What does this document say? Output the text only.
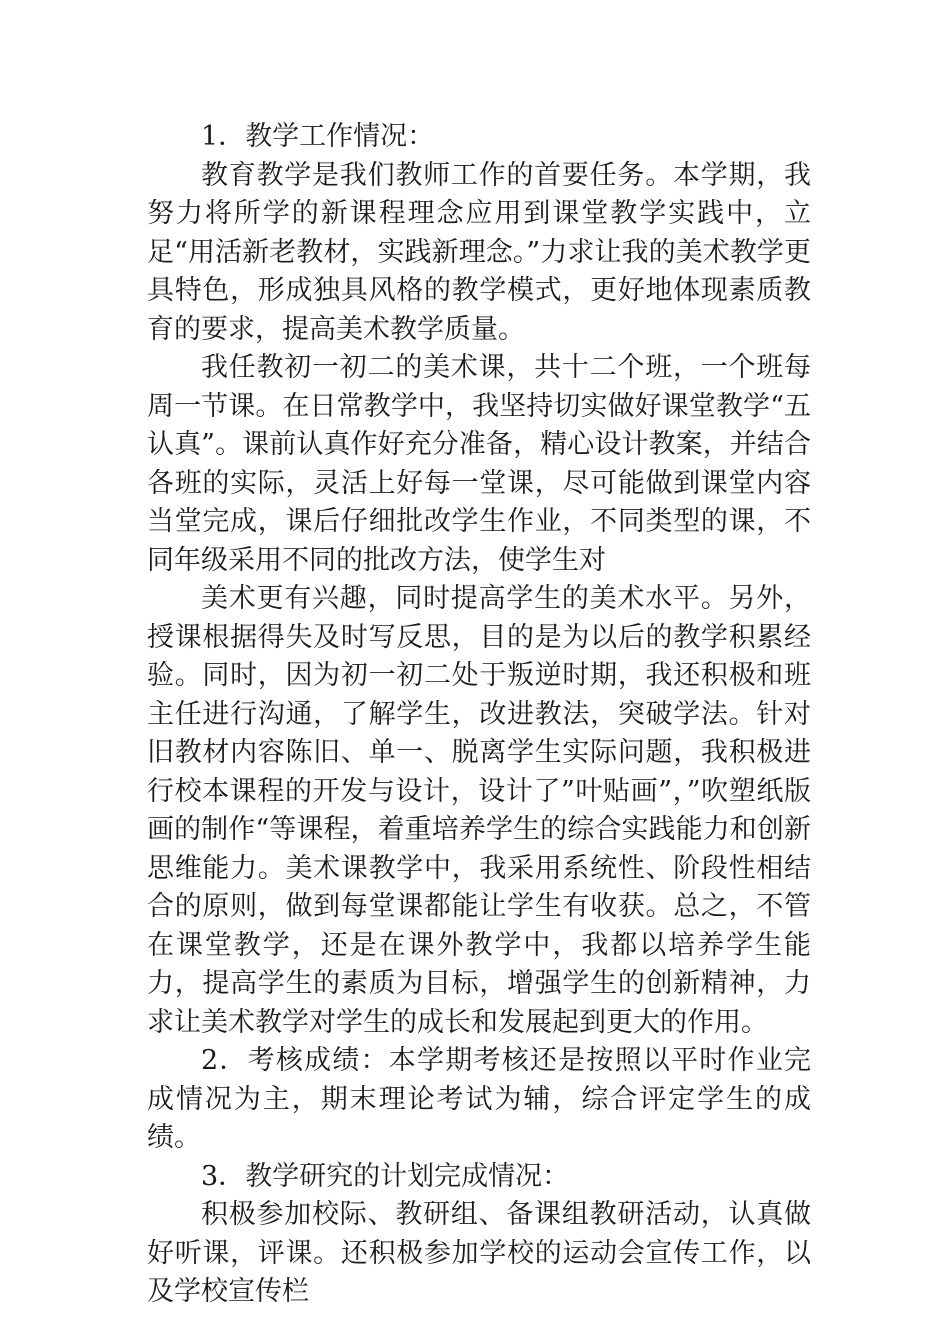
1．教学工作情况：

教育教学是我们教师工作的首要任务。本学期，我努力将所学的新课程理念应用到课堂教学实践中，立足“用活新老教材，实践新理念。”力求让我的美术教学更具特色，形成独具风格的教学模式，更好地体现素质教育的要求，提高美术教学质量。

我任教初一初二的美术课，共十二个班，一个班每周一节课。在日常教学中，我坚持切实做好课堂教学“五认真”。课前认真作好充分准备，精心设计教案，并结合各班的实际，灵活上好每一堂课，尽可能做到课堂内容当堂完成，课后仔细批改学生作业，不同类型的课，不同年级采用不同的批改方法，使学生对

美术更有兴趣，同时提高学生的美术水平。另外，授课根据得失及时写反思，目的是为以后的教学积累经验。同时，因为初一初二处于叛逆时期，我还积极和班主任进行沟通，了解学生，改进教法，突破学法。针对旧教材内容陈旧、单一、脱离学生实际问题，我积极进行校本课程的开发与设计，设计了”叶贴画”，”吹塑纸版画的制作“等课程，着重培养学生的综合实践能力和创新思维能力。美术课教学中，我采用系统性、阶段性相结合的原则，做到每堂课都能让学生有收获。总之，不管在课堂教学，还是在课外教学中，我都以培养学生能力，提高学生的素质为目标，增强学生的创新精神，力求让美术教学对学生的成长和发展起到更大的作用。

2．考核成绩：本学期考核还是按照以平时作业完成情况为主，期末理论考试为辅，综合评定学生的成绩。

3．教学研究的计划完成情况：

积极参加校际、教研组、备课组教研活动，认真做好听课，评课。还积极参加学校的运动会宣传工作，以及学校宣传栏
